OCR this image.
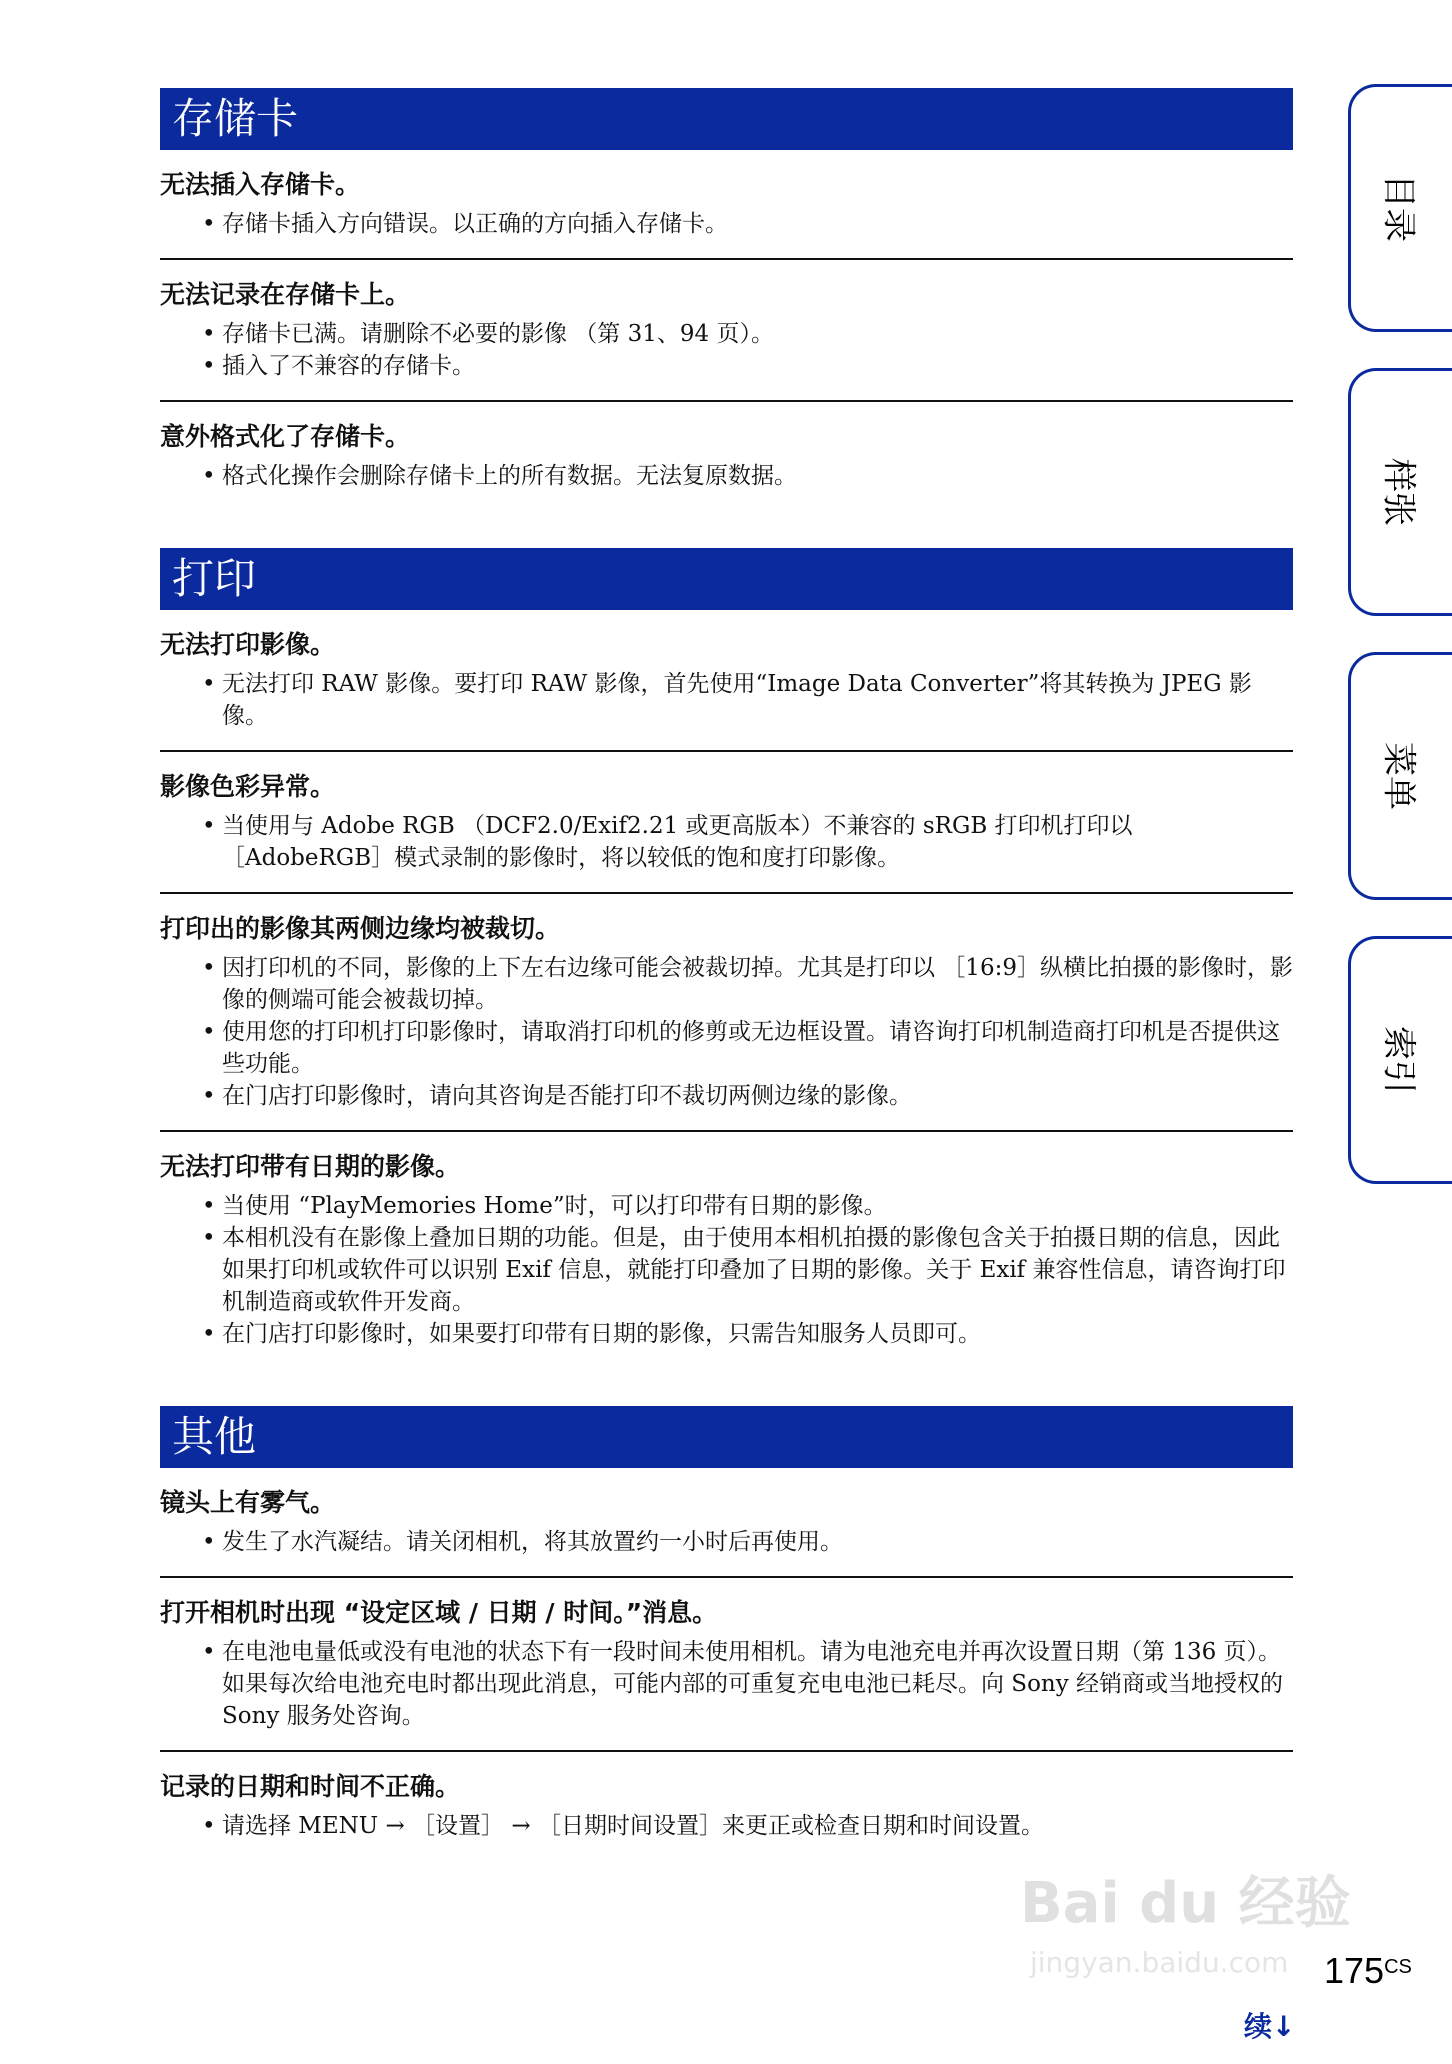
存储卡
无法插入存储卡。
• 存储卡插入方向错误。以正确的方向插入存储卡。
无法记录在存储卡上。
• 存储卡已满。请删除不必要的影像 （第 31、94 页）。
• 插入了不兼容的存储卡。
意外格式化了存储卡。
• 格式化操作会删除存储卡上的所有数据。无法复原数据。
打印
无法打印影像。
• 无法打印 RAW 影像。要打印 RAW 影像，首先使用“Image Data Converter”将其转换为 JPEG 影像。
影像色彩异常。
• 当使用与 Adobe RGB （DCF2.0/Exif2.21 或更高版本）不兼容的 sRGB 打印机打印以 ［AdobeRGB］模式录制的影像时，将以较低的饱和度打印影像。
打印出的影像其两侧边缘均被裁切。
• 因打印机的不同，影像的上下左右边缘可能会被裁切掉。尤其是打印以 ［16:9］纵横比拍摄的影像时，影像的侧端可能会被裁切掉。
• 使用您的打印机打印影像时，请取消打印机的修剪或无边框设置。请咨询打印机制造商打印机是否提供这些功能。
• 在门店打印影像时，请向其咨询是否能打印不裁切两侧边缘的影像。
无法打印带有日期的影像。
• 当使用 “PlayMemories Home”时，可以打印带有日期的影像。
• 本相机没有在影像上叠加日期的功能。但是，由于使用本相机拍摄的影像包含关于拍摄日期的信息，因此如果打印机或软件可以识别 Exif 信息，就能打印叠加了日期的影像。关于 Exif 兼容性信息，请咨询打印机制造商或软件开发商。
• 在门店打印影像时，如果要打印带有日期的影像，只需告知服务人员即可。
其他
镜头上有雾气。
• 发生了水汽凝结。请关闭相机，将其放置约一小时后再使用。
打开相机时出现 “设定区域 / 日期 / 时间。”消息。
• 在电池电量低或没有电池的状态下有一段时间未使用相机。请为电池充电并再次设置日期（第 136 页）。如果每次给电池充电时都出现此消息，可能内部的可重复充电电池已耗尽。向 Sony 经销商或当地授权的 Sony 服务处咨询。
记录的日期和时间不正确。
• 请选择 MENU → ［设置］ → ［日期时间设置］来更正或检查日期和时间设置。
目录
样张
菜单
索引
Bai du 经验
jingyan.baidu.com $175^{CS}$
续↓
